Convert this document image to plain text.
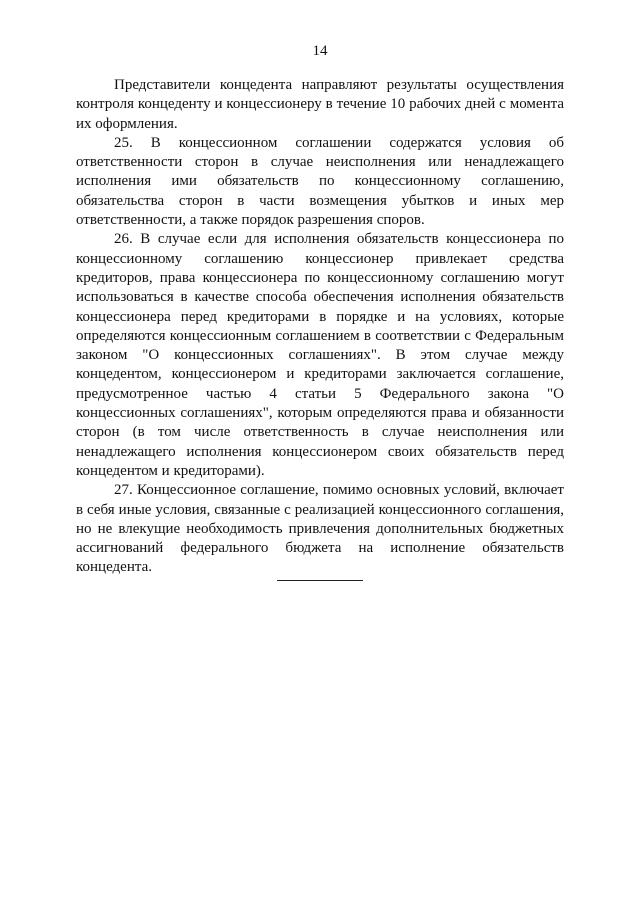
14

Представители концедента направляют результаты осуществления контроля концеденту и концессионеру в течение 10 рабочих дней с момента их оформления.

25. В концессионном соглашении содержатся условия об ответственности сторон в случае неисполнения или ненадлежащего исполнения ими обязательств по концессионному соглашению, обязательства сторон в части возмещения убытков и иных мер ответственности, а также порядок разрешения споров.

26. В случае если для исполнения обязательств концессионера по концессионному соглашению концессионер привлекает средства кредиторов, права концессионера по концессионному соглашению могут использоваться в качестве способа обеспечения исполнения обязательств концессионера перед кредиторами в порядке и на условиях, которые определяются концессионным соглашением в соответствии с Федеральным законом "О концессионных соглашениях". В этом случае между концедентом, концессионером и кредиторами заключается соглашение, предусмотренное частью 4 статьи 5 Федерального закона "О концессионных соглашениях", которым определяются права и обязанности сторон (в том числе ответственность в случае неисполнения или ненадлежащего исполнения концессионером своих обязательств перед концедентом и кредиторами).

27. Концессионное соглашение, помимо основных условий, включает в себя иные условия, связанные с реализацией концессионного соглашения, но не влекущие необходимость привлечения дополнительных бюджетных ассигнований федерального бюджета на исполнение обязательств концедента.
